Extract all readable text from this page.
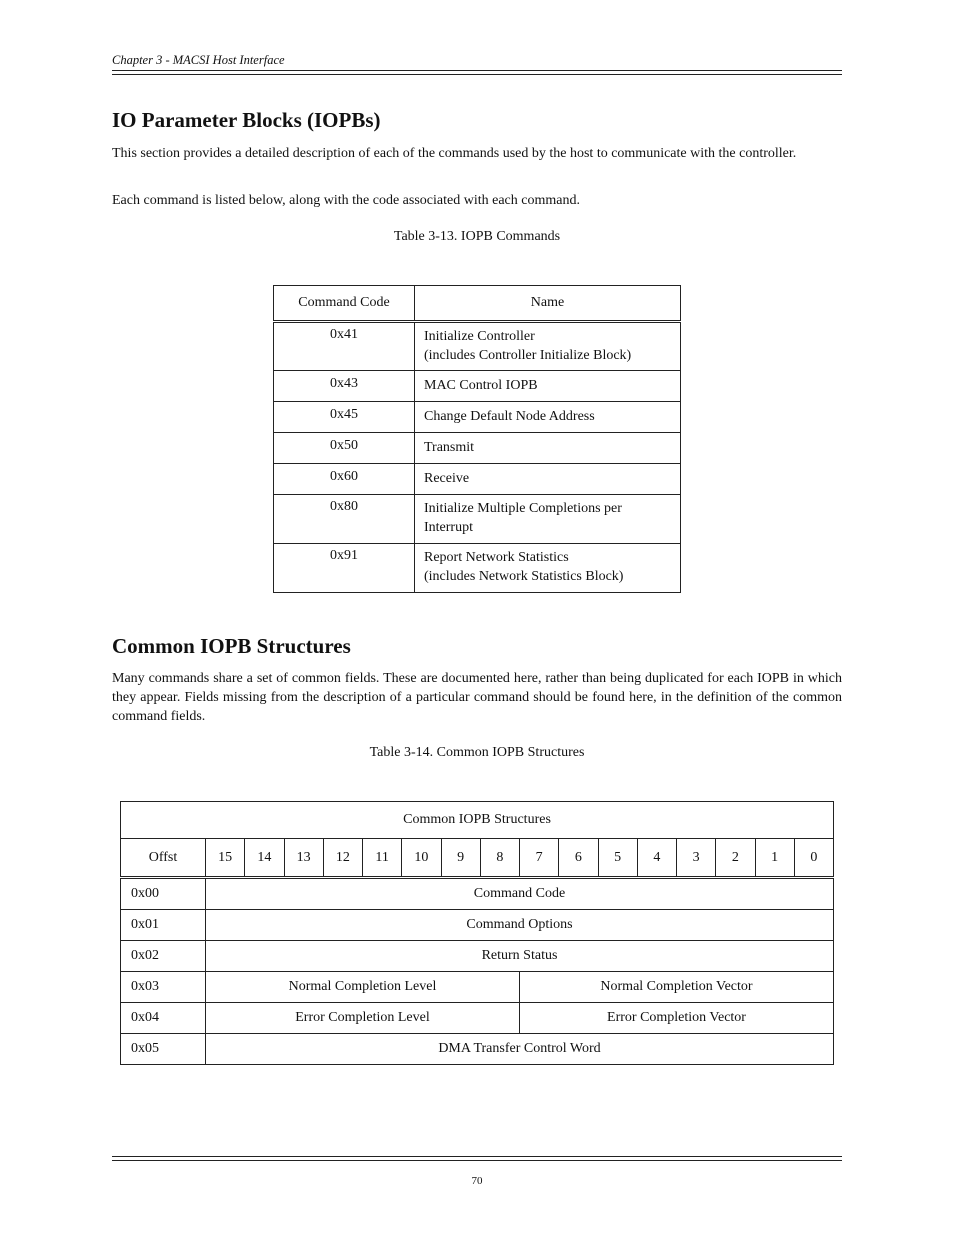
Chapter 3 - MACSI Host Interface
IO Parameter Blocks (IOPBs)

This section provides a detailed description of each of the commands used by the host to communicate with the controller.

Each command is listed below, along with the code associated with each command.

Table 3-13. IOPB Commands
Command Code	Name
0x41	Initialize Controller
(includes Controller Initialize Block)

0x43	MAC Control IOPB

0x45	Change Default Node Address

0x50	Transmit

0x60	Receive

0x80	Initialize Multiple Completions per
Interrupt

0x91	Report Network Statistics
(includes Network Statistics Block)
Common IOPB Structures

Many commands share a set of common fields. These are documented here, rather than being duplicated for each IOPB in which they appear. Fields missing from the description of a particular command should be found here, in the definition of the common command fields.

Table 3-14. Common IOPB Structures
Common IOPB Structures																
Offst	15	14	13	12	11	10	9	8	7	6	5	4	3	2	1	0
0x00	Command Code															
0x01	Command Options															
0x02	Return Status															
0x03	Normal Completion Level								Normal Completion Vector							
0x04	Error Completion Level								Error Completion Vector							
0x05	DMA Transfer Control Word															
70
